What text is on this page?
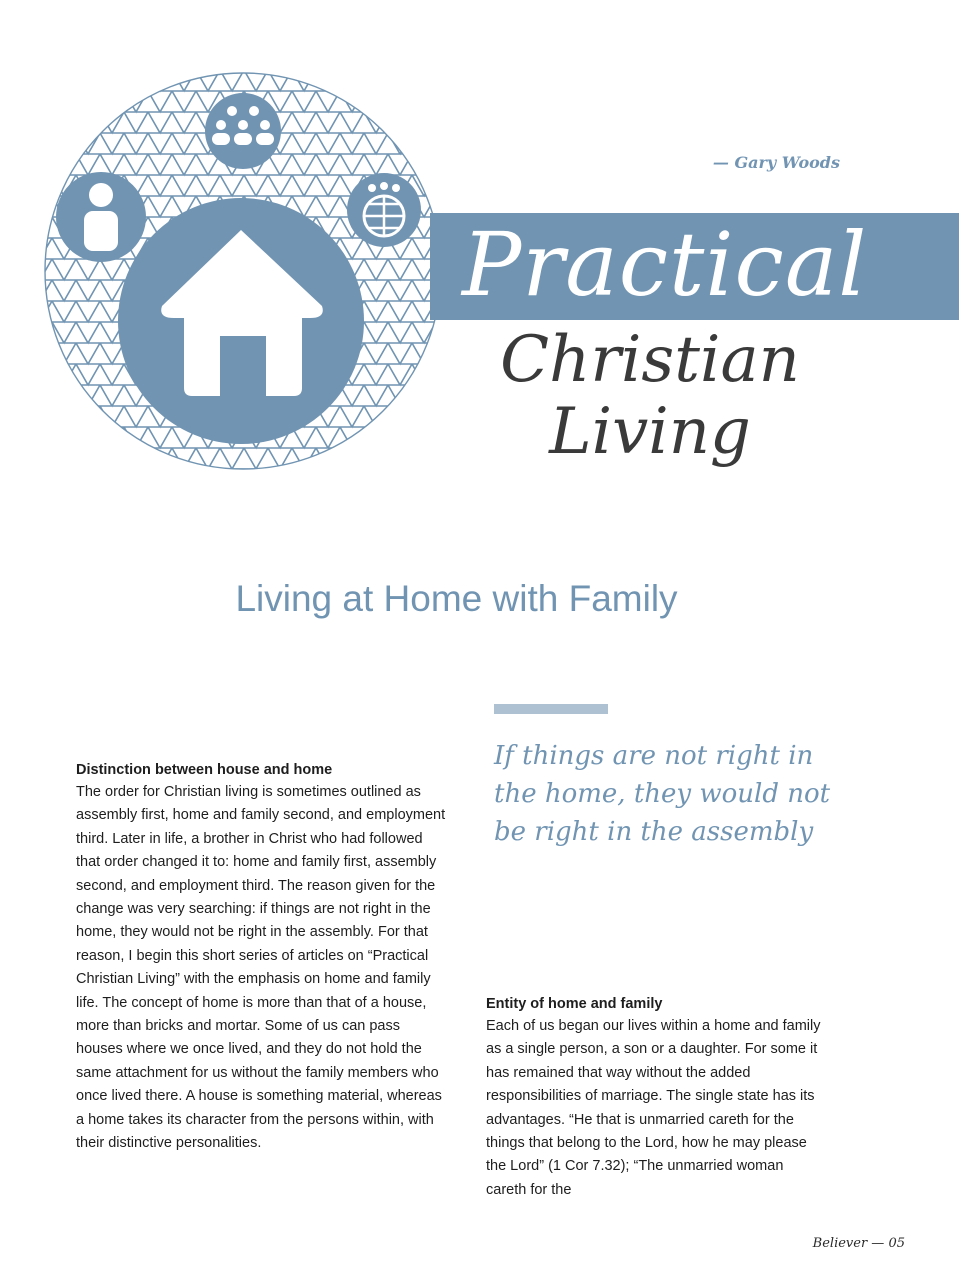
— Gary Woods
Practical
Christian
Living
Living at Home with Family
If things are not right in the home, they would not be right in the assembly
Distinction between house and home
The order for Christian living is sometimes outlined as assembly first, home and family second, and employment third. Later in life, a brother in Christ who had followed that order changed it to: home and family first, assembly second, and employment third. The reason given for the change was very searching: if things are not right in the home, they would not be right in the assembly. For that reason, I begin this short series of articles on “Practical Christian Living” with the emphasis on home and family life. The concept of home is more than that of a house, more than bricks and mortar. Some of us can pass houses where we once lived, and they do not hold the same attachment for us without the family members who once lived there. A house is something material, whereas a home takes its character from the persons within, with their distinctive personalities.
Entity of home and family
Each of us began our lives within a home and family as a single person, a son or a daughter. For some it has remained that way without the added responsibilities of marriage. The single state has its advantages. “He that is unmarried careth for the things that belong to the Lord, how he may please the Lord” (1 Cor 7.32); “The unmarried woman careth for the
Believer — 05
